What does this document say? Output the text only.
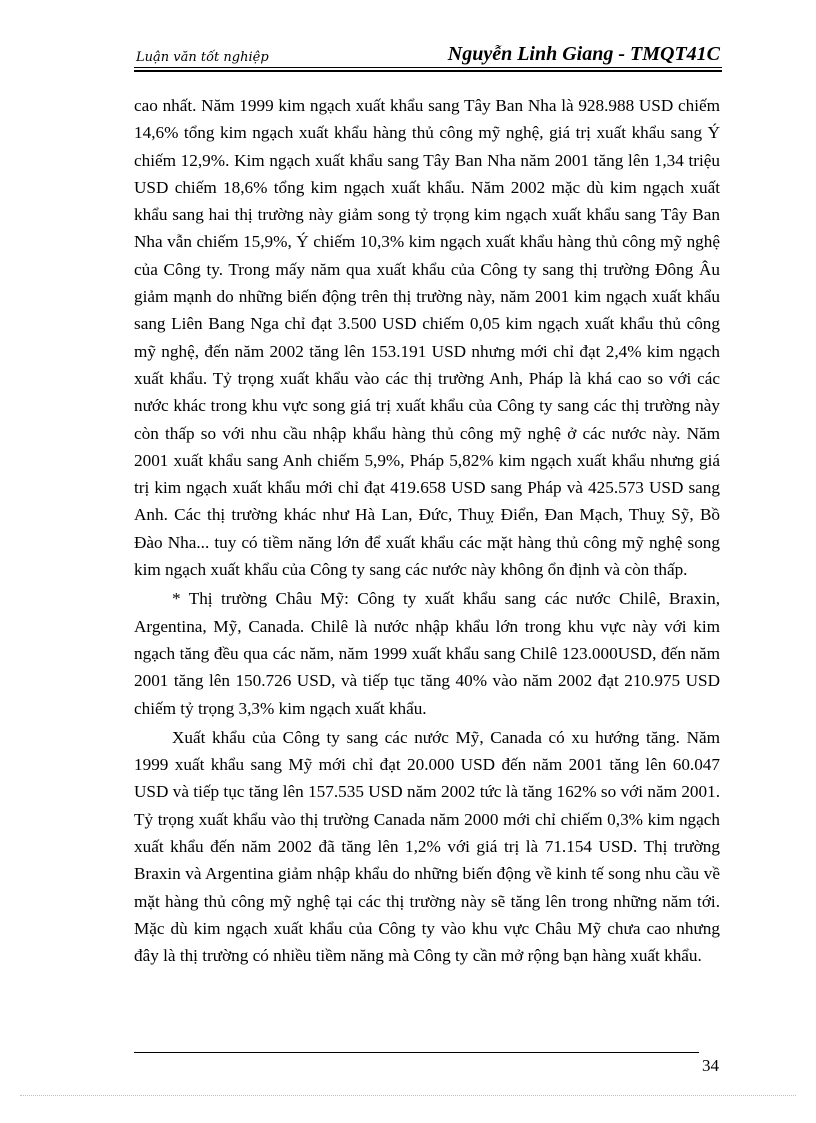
Luận văn tốt nghiệp	Nguyễn Linh Giang - TMQT41C

cao nhất. Năm 1999 kim ngạch xuất khẩu sang Tây Ban Nha là 928.988 USD chiếm 14,6% tổng kim ngạch xuất khẩu hàng thủ công mỹ nghệ, giá trị xuất khẩu sang Ý chiếm 12,9%. Kim ngạch xuất khẩu sang Tây Ban Nha năm 2001 tăng lên 1,34 triệu USD chiếm 18,6% tổng kim ngạch xuất khẩu. Năm 2002 mặc dù kim ngạch xuất khẩu sang hai thị trường này giảm song tỷ trọng kim ngạch xuất khẩu sang Tây Ban Nha vẫn chiếm 15,9%, Ý chiếm 10,3% kim ngạch xuất khẩu hàng thủ công mỹ nghệ của Công ty. Trong mấy năm qua xuất khẩu của Công ty sang thị trường Đông Âu giảm mạnh do những biến động trên thị trường này, năm 2001 kim ngạch xuất khẩu sang Liên Bang Nga chỉ đạt 3.500 USD chiếm 0,05 kim ngạch xuất khẩu thủ công mỹ nghệ, đến năm 2002 tăng lên 153.191 USD nhưng mới chỉ đạt 2,4% kim ngạch xuất khẩu. Tỷ trọng xuất khẩu vào các thị trường Anh, Pháp là khá cao so với các nước khác trong khu vực song giá trị xuất khẩu của Công ty sang các thị trường này còn thấp so với nhu cầu nhập khẩu hàng thủ công mỹ nghệ ở các nước này. Năm 2001 xuất khẩu sang Anh chiếm 5,9%, Pháp 5,82% kim ngạch xuất khẩu nhưng giá trị kim ngạch xuất khẩu mới chỉ đạt 419.658 USD sang Pháp và 425.573 USD sang Anh. Các thị trường khác như Hà Lan, Đức, Thuỵ Điển, Đan Mạch, Thuỵ Sỹ, Bồ Đào Nha... tuy có tiềm năng lớn để xuất khẩu các mặt hàng thủ công mỹ nghệ song kim ngạch xuất khẩu của Công ty sang các nước này không ổn định và còn thấp.

* Thị trường Châu Mỹ: Công ty xuất khẩu sang các nước Chilê, Braxin, Argentina, Mỹ, Canada. Chilê là nước nhập khẩu lớn trong khu vực này với kim ngạch tăng đều qua các năm, năm 1999 xuất khẩu sang Chilê 123.000USD, đến năm 2001 tăng lên 150.726 USD, và tiếp tục tăng 40% vào năm 2002 đạt 210.975 USD chiếm tỷ trọng 3,3% kim ngạch xuất khẩu.

Xuất khẩu của Công ty sang các nước Mỹ, Canada có xu hướng tăng. Năm 1999 xuất khẩu sang Mỹ mới chỉ đạt 20.000 USD đến năm 2001 tăng lên 60.047 USD và tiếp tục tăng lên 157.535 USD năm 2002 tức là tăng 162% so với năm 2001. Tỷ trọng xuất khẩu vào thị trường Canada năm 2000 mới chỉ chiếm 0,3% kim ngạch xuất khẩu đến năm 2002 đã tăng lên 1,2% với giá trị là 71.154 USD. Thị trường Braxin và Argentina giảm nhập khẩu do những biến động về kinh tế song nhu cầu về mặt hàng thủ công mỹ nghệ tại các thị trường này sẽ tăng lên trong những năm tới. Mặc dù kim ngạch xuất khẩu của Công ty vào khu vực Châu Mỹ chưa cao nhưng đây là thị trường có nhiều tiềm năng mà Công ty cần mở rộng bạn hàng xuất khẩu.

34
